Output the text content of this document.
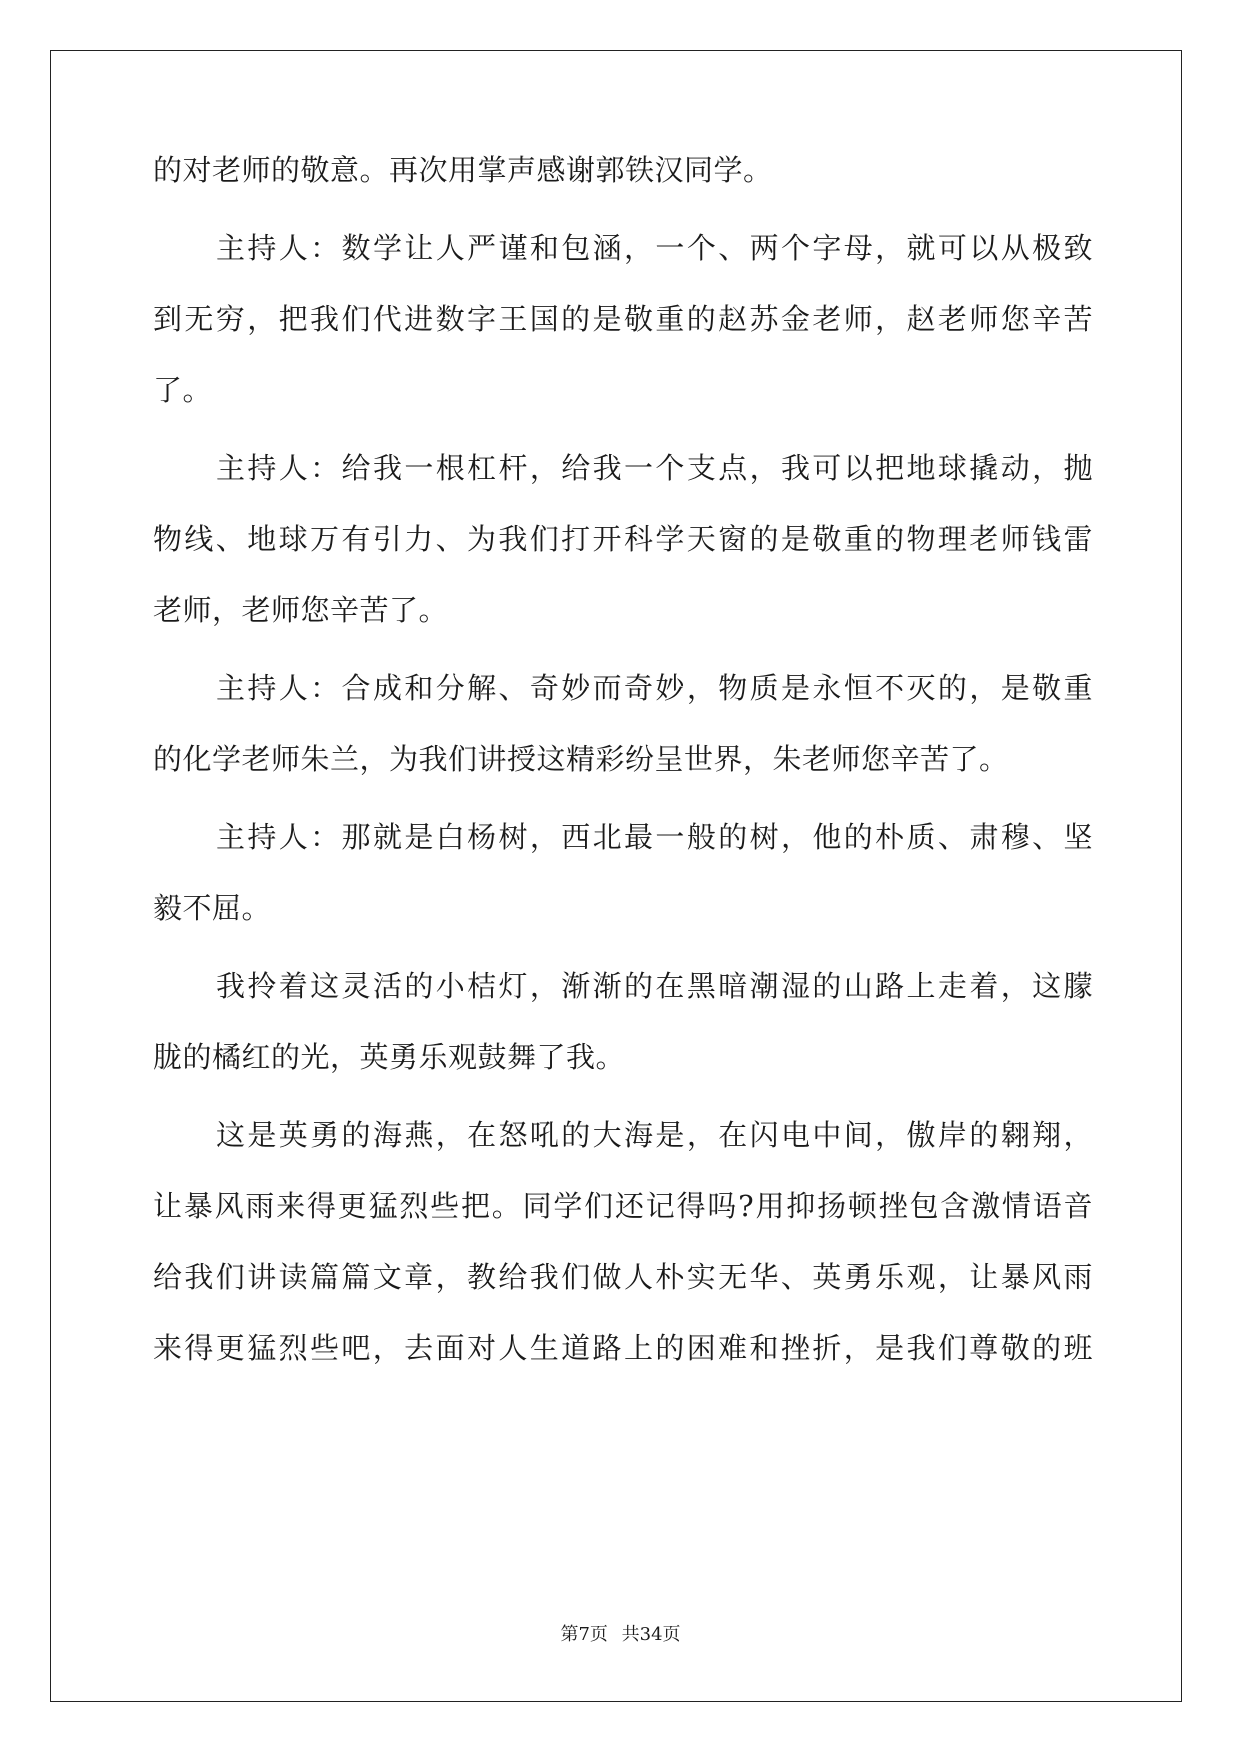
的对老师的敬意。再次用掌声感谢郭铁汉同学。
主持人：数学让人严谨和包涵，一个、两个字母，就可以从极致
到无穷，把我们代进数字王国的是敬重的赵苏金老师，赵老师您辛苦
了。
主持人：给我一根杠杆，给我一个支点，我可以把地球撬动，抛
物线、地球万有引力、为我们打开科学天窗的是敬重的物理老师钱雷
老师，老师您辛苦了。
主持人：合成和分解、奇妙而奇妙，物质是永恒不灭的，是敬重
的化学老师朱兰，为我们讲授这精彩纷呈世界，朱老师您辛苦了。
主持人：那就是白杨树，西北最一般的树，他的朴质、肃穆、坚
毅不屈。
我拎着这灵活的小桔灯，渐渐的在黑暗潮湿的山路上走着，这朦
胧的橘红的光，英勇乐观鼓舞了我。
这是英勇的海燕，在怒吼的大海是，在闪电中间，傲岸的翱翔，
让暴风雨来得更猛烈些把。同学们还记得吗?用抑扬顿挫包含激情语音
给我们讲读篇篇文章，教给我们做人朴实无华、英勇乐观，让暴风雨
来得更猛烈些吧，去面对人生道路上的困难和挫折，是我们尊敬的班
第7页 共34页
